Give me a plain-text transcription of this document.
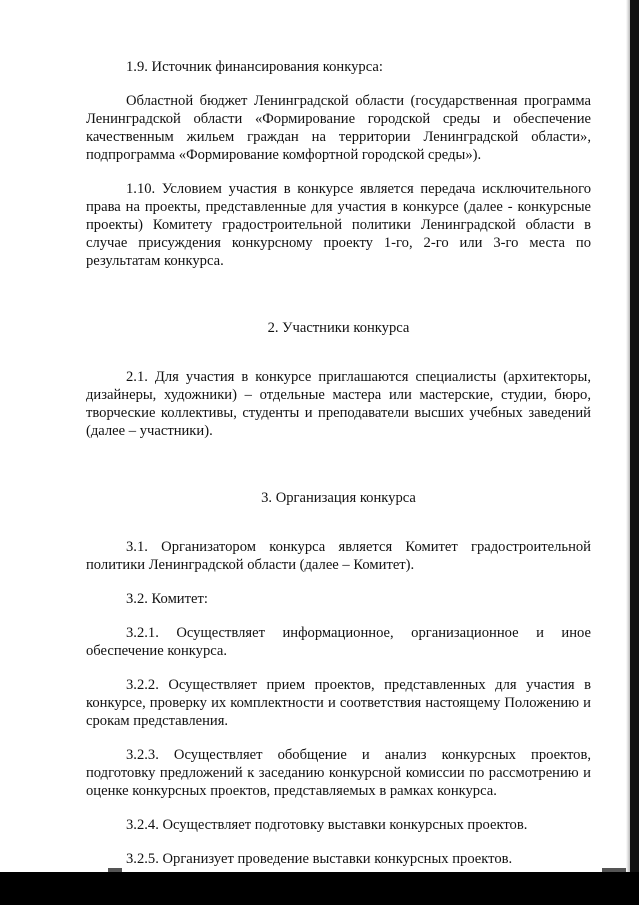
1.9. Источник финансирования конкурса:

Областной бюджет Ленинградской области (государственная программа Ленинградской области «Формирование городской среды и обеспечение качественным жильем граждан на территории Ленинградской области», подпрограмма «Формирование комфортной городской среды»).

1.10. Условием участия в конкурсе является передача исключительного права на проекты, представленные для участия в конкурсе (далее - конкурсные проекты) Комитету градостроительной политики Ленинградской области в случае присуждения конкурсному проекту 1-го, 2-го или 3-го места по результатам конкурса.

2. Участники конкурса

2.1. Для участия в конкурсе приглашаются специалисты (архитекторы, дизайнеры, художники) – отдельные мастера или мастерские, студии, бюро, творческие коллективы, студенты и преподаватели высших учебных заведений (далее – участники).

3. Организация конкурса

3.1. Организатором конкурса является Комитет градостроительной политики Ленинградской области (далее – Комитет).

3.2. Комитет:

3.2.1. Осуществляет информационное, организационное и иное обеспечение конкурса.

3.2.2. Осуществляет прием проектов, представленных для участия в конкурсе, проверку их комплектности и соответствия настоящему Положению и срокам представления.

3.2.3. Осуществляет обобщение и анализ конкурсных проектов, подготовку предложений к заседанию конкурсной комиссии по рассмотрению и оценке конкурсных проектов, представляемых в рамках конкурса.

3.2.4. Осуществляет подготовку выставки конкурсных проектов.

3.2.5. Организует проведение выставки конкурсных проектов.
